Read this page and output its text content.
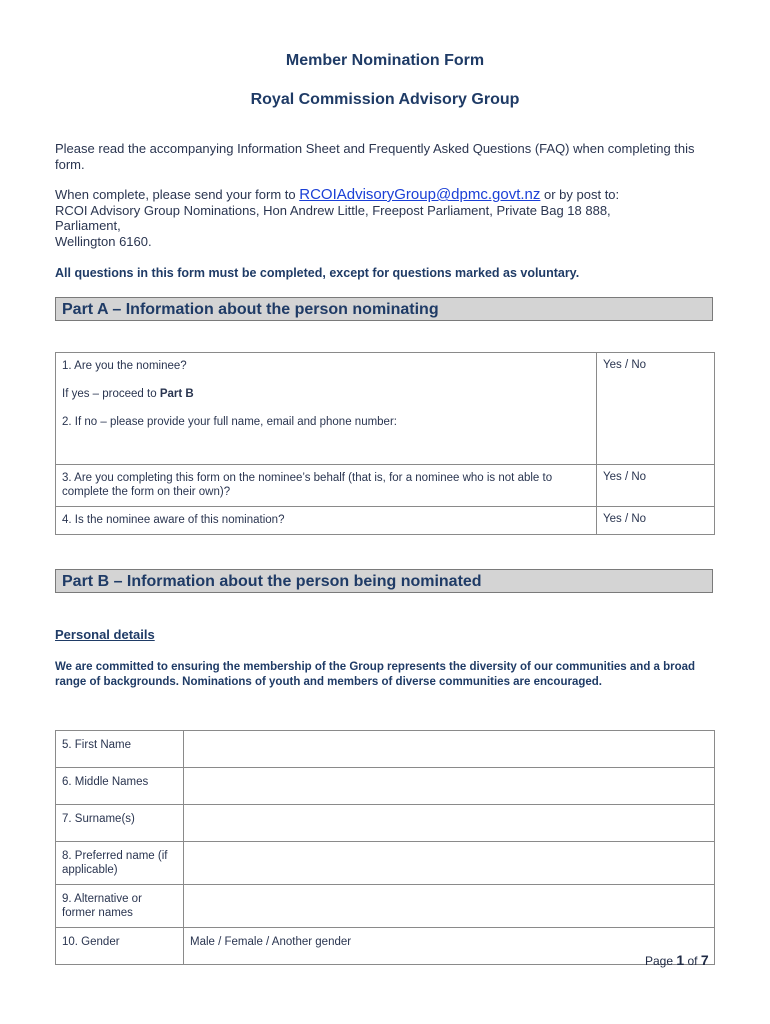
Member Nomination Form
Royal Commission Advisory Group
Please read the accompanying Information Sheet and Frequently Asked Questions (FAQ) when completing this form.
When complete, please send your form to RCOIAdvisoryGroup@dpmc.govt.nz or by post to:
RCOI Advisory Group Nominations, Hon Andrew Little, Freepost Parliament, Private Bag 18 888,
Parliament,
Wellington 6160.
All questions in this form must be completed, except for questions marked as voluntary.
Part A – Information about the person nominating

1. Are you the nominee?

If yes – proceed to Part B

2. If no – please provide your full name, email and phone number:	Yes / No
3. Are you completing this form on the nominee’s behalf (that is, for a nominee who is not able to complete the form on their own)?	Yes / No
4. Is the nominee aware of this nomination?	Yes / No
Part B – Information about the person being nominated
Personal details
We are committed to ensuring the membership of the Group represents the diversity of our communities and a broad range of backgrounds. Nominations of youth and members of diverse communities are encouraged.
5. First Name	
6. Middle Names	
7. Surname(s)	
8. Preferred name (if applicable)	
9. Alternative or former names	
10. Gender	Male / Female / Another gender
Page 1 of 7
